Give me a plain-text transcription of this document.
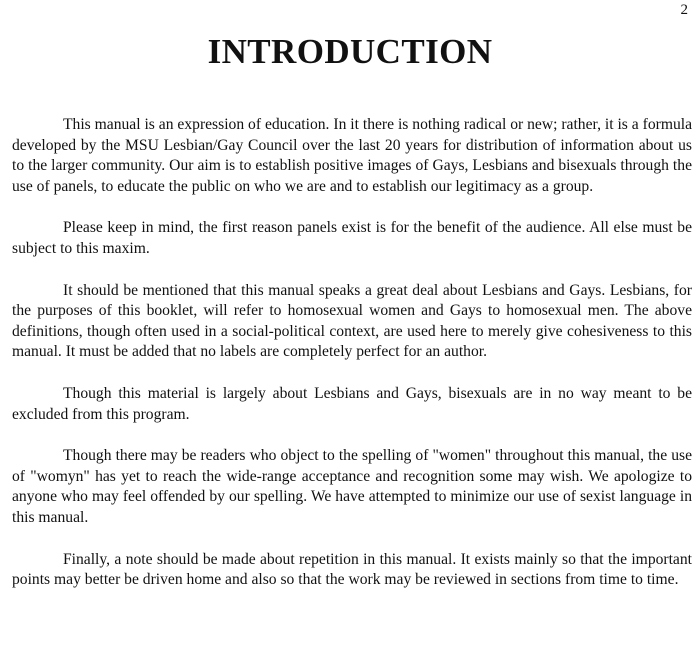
2
INTRODUCTION

This manual is an expression of education. In it there is nothing radical or new; rather, it is a formula developed by the MSU Lesbian/Gay Council over the last 20 years for distribution of information about us to the larger community. Our aim is to establish positive images of Gays, Lesbians and bisexuals through the use of panels, to educate the public on who we are and to establish our legitimacy as a group.

Please keep in mind, the first reason panels exist is for the benefit of the audience. All else must be subject to this maxim.

It should be mentioned that this manual speaks a great deal about Lesbians and Gays. Lesbians, for the purposes of this booklet, will refer to homosexual women and Gays to homosexual men. The above definitions, though often used in a social-political context, are used here to merely give cohesiveness to this manual. It must be added that no labels are completely perfect for an author.

Though this material is largely about Lesbians and Gays, bisexuals are in no way meant to be excluded from this program.

Though there may be readers who object to the spelling of "women" throughout this manual, the use of "womyn" has yet to reach the wide-range acceptance and recognition some may wish. We apologize to anyone who may feel offended by our spelling. We have attempted to minimize our use of sexist language in this manual.

Finally, a note should be made about repetition in this manual. It exists mainly so that the important points may better be driven home and also so that the work may be reviewed in sections from time to time.
